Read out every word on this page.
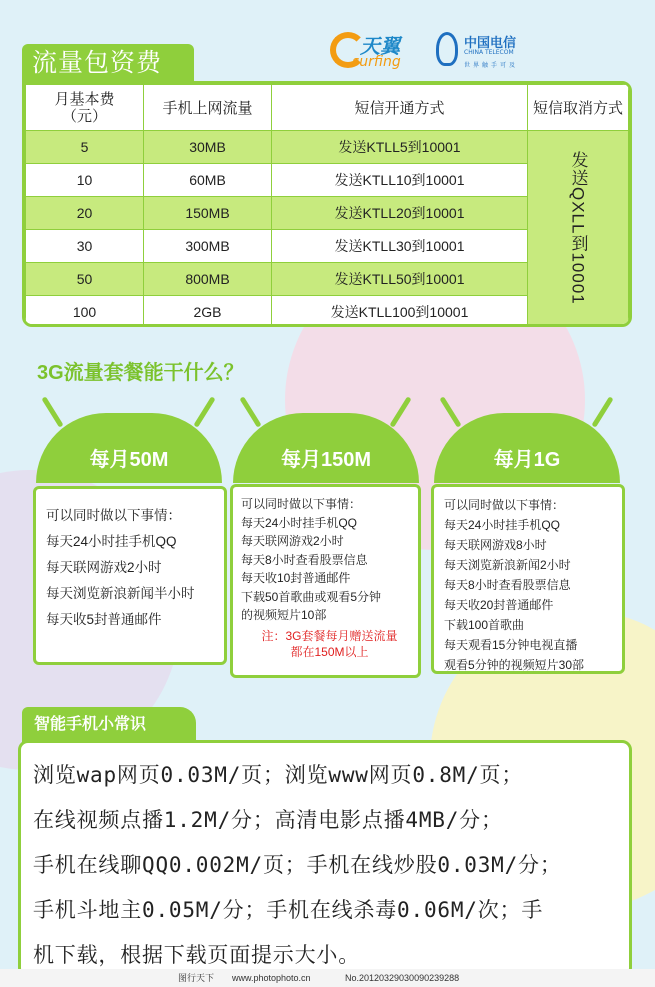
流量包资费
天翼
surfing
中国电信
CHINA TELECOM
世界触手可及
月基本费
（元）	手机上网流量	短信开通方式	短信取消方式
5	30MB	发送KTLL5到10001	发送QXLL到10001
10	60MB	发送KTLL10到10001	
20	150MB	发送KTLL20到10001	
30	300MB	发送KTLL30到10001	
50	800MB	发送KTLL50到10001	
100	2GB	发送KTLL100到10001	
3G流量套餐能干什么？
每月50M
可以同时做以下事情：
每天24小时挂手机QQ
每天联网游戏2小时
每天浏览新浪新闻半小时
每天收5封普通邮件
每月150M
可以同时做以下事情：
每天24小时挂手机QQ
每天联网游戏2小时
每天8小时查看股票信息
每天收10封普通邮件
下载50首歌曲或观看5分钟
的视频短片10部
注：3G套餐每月赠送流量
都在150M以上
每月1G
可以同时做以下事情：
每天24小时挂手机QQ
每天联网游戏8小时
每天浏览新浪新闻2小时
每天8小时查看股票信息
每天收20封普通邮件
下载100首歌曲
每天观看15分钟电视直播
观看5分钟的视频短片30部
智能手机小常识
浏览wap网页0.03M/页；浏览www网页0.8M/页；
在线视频点播1.2M/分；高清电影点播4MB/分；
手机在线聊QQ0.002M/页；手机在线炒股0.03M/分；
手机斗地主0.05M/分；手机在线杀毒0.06M/次；手
机下载，根据下载页面提示大小。
图行天下 www.photophoto.cn	No.20120329030090239288
